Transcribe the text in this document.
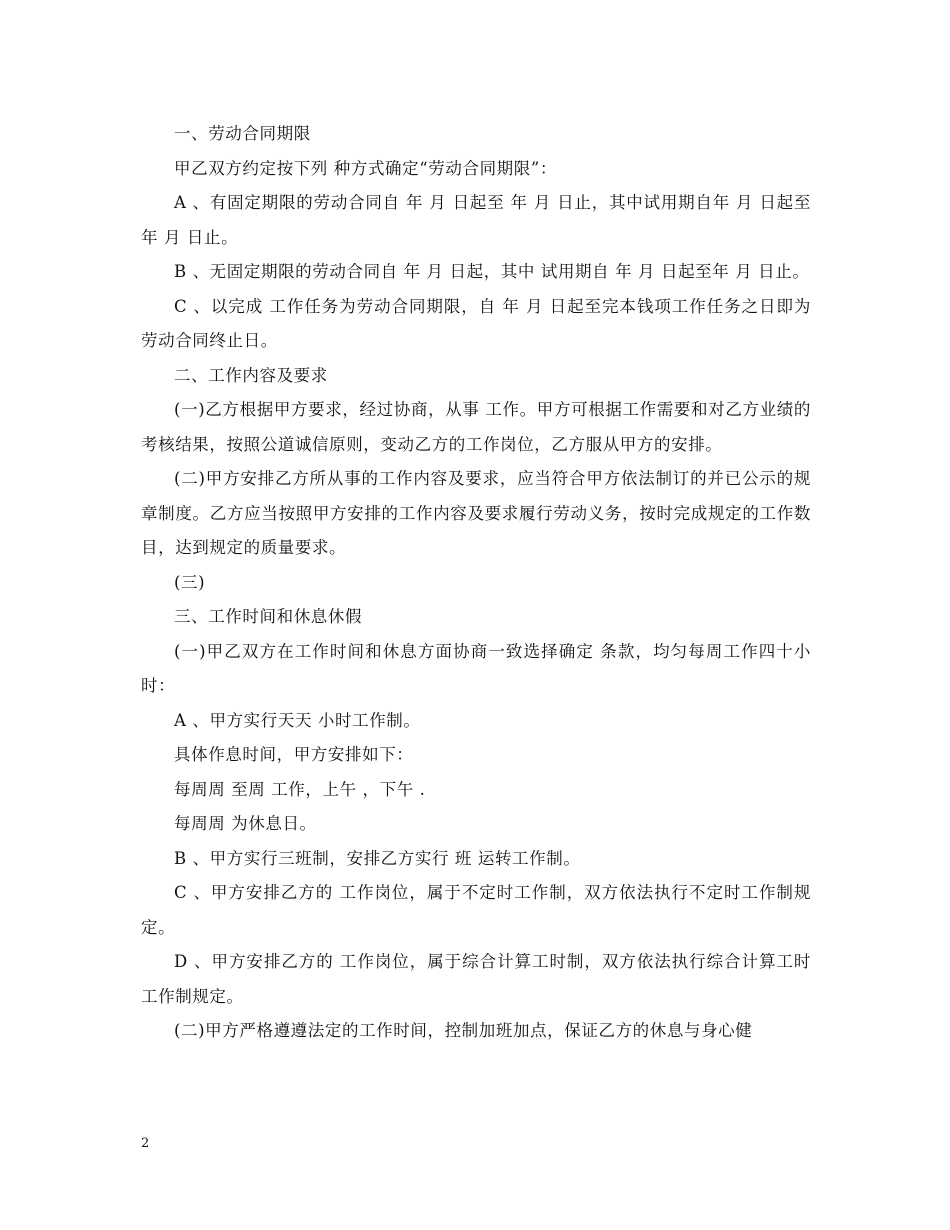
一、劳动合同期限

甲乙双方约定按下列 种方式确定“劳动合同期限”：

A 、有固定期限的劳动合同自 年 月 日起至 年 月 日止，其中试用期自年 月 日起至 年 月 日止。

B 、无固定期限的劳动合同自 年 月 日起，其中 试用期自 年 月 日起至年 月 日止。

C 、以完成 工作任务为劳动合同期限，自 年 月 日起至完本钱项工作任务之日即为劳动合同终止日。

二、工作内容及要求

(一)乙方根据甲方要求，经过协商，从事 工作。甲方可根据工作需要和对乙方业绩的考核结果，按照公道诚信原则，变动乙方的工作岗位，乙方服从甲方的安排。

(二)甲方安排乙方所从事的工作内容及要求，应当符合甲方依法制订的并已公示的规章制度。乙方应当按照甲方安排的工作内容及要求履行劳动义务，按时完成规定的工作数目，达到规定的质量要求。

(三)

三、工作时间和休息休假

(一)甲乙双方在工作时间和休息方面协商一致选择确定 条款，均匀每周工作四十小时：

A 、甲方实行天天 小时工作制。

具体作息时间，甲方安排如下：

每周周 至周 工作，上午 ，下午 .

每周周 为休息日。

B 、甲方实行三班制，安排乙方实行 班 运转工作制。

C 、甲方安排乙方的 工作岗位，属于不定时工作制，双方依法执行不定时工作制规定。

D 、甲方安排乙方的 工作岗位，属于综合计算工时制，双方依法执行综合计算工时工作制规定。

(二)甲方严格遵遵法定的工作时间，控制加班加点，保证乙方的休息与身心健

2
